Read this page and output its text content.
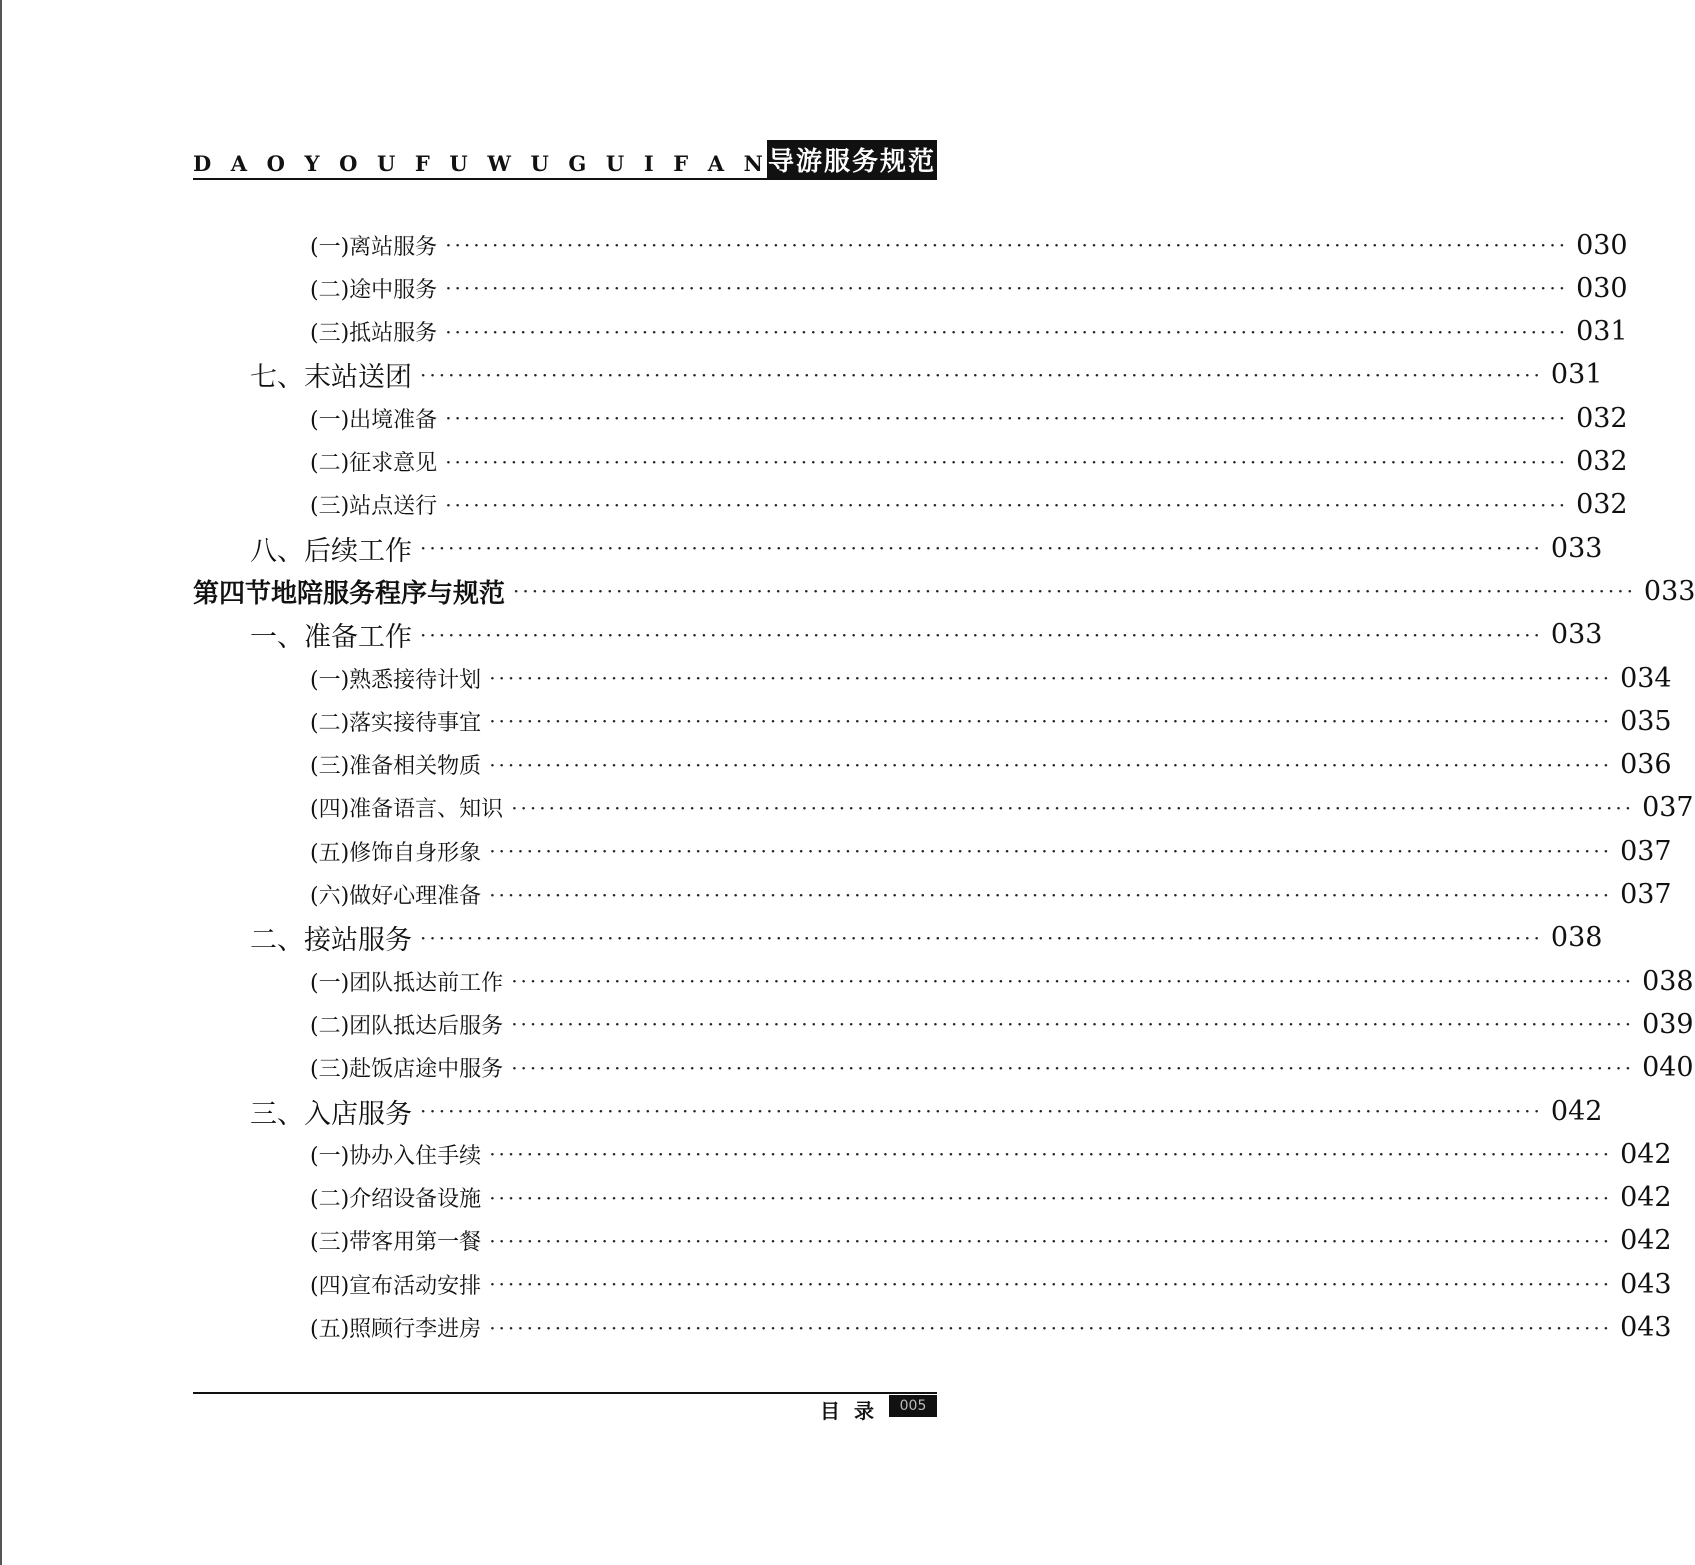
D A O Y O U F U W U G U I F A N 导游服务规范
(一) 离站服务 ························································································································ 030
(二) 途中服务 ························································································································ 030
(三) 抵站服务 ························································································································ 031
七、 末站送团 ························································································································ 031
(一) 出境准备 ························································································································ 032
(二) 征求意见 ························································································································ 032
(三) 站点送行 ························································································································ 032
八、 后续工作 ························································································································ 033
第四节 地陪服务程序与规范 ························································································································ 033
一、 准备工作 ························································································································ 033
(一) 熟悉接待计划 ························································································································ 034
(二) 落实接待事宜 ························································································································ 035
(三) 准备相关物质 ························································································································ 036
(四) 准备语言、知识 ························································································································ 037
(五) 修饰自身形象 ························································································································ 037
(六) 做好心理准备 ························································································································ 037
二、 接站服务 ························································································································ 038
(一) 团队抵达前工作 ························································································································ 038
(二) 团队抵达后服务 ························································································································ 039
(三) 赴饭店途中服务 ························································································································ 040
三、 入店服务 ························································································································ 042
(一) 协办入住手续 ························································································································ 042
(二) 介绍设备设施 ························································································································ 042
(三) 带客用第一餐 ························································································································ 042
(四) 宣布活动安排 ························································································································ 043
(五) 照顾行李进房 ························································································································ 043
目录 005
